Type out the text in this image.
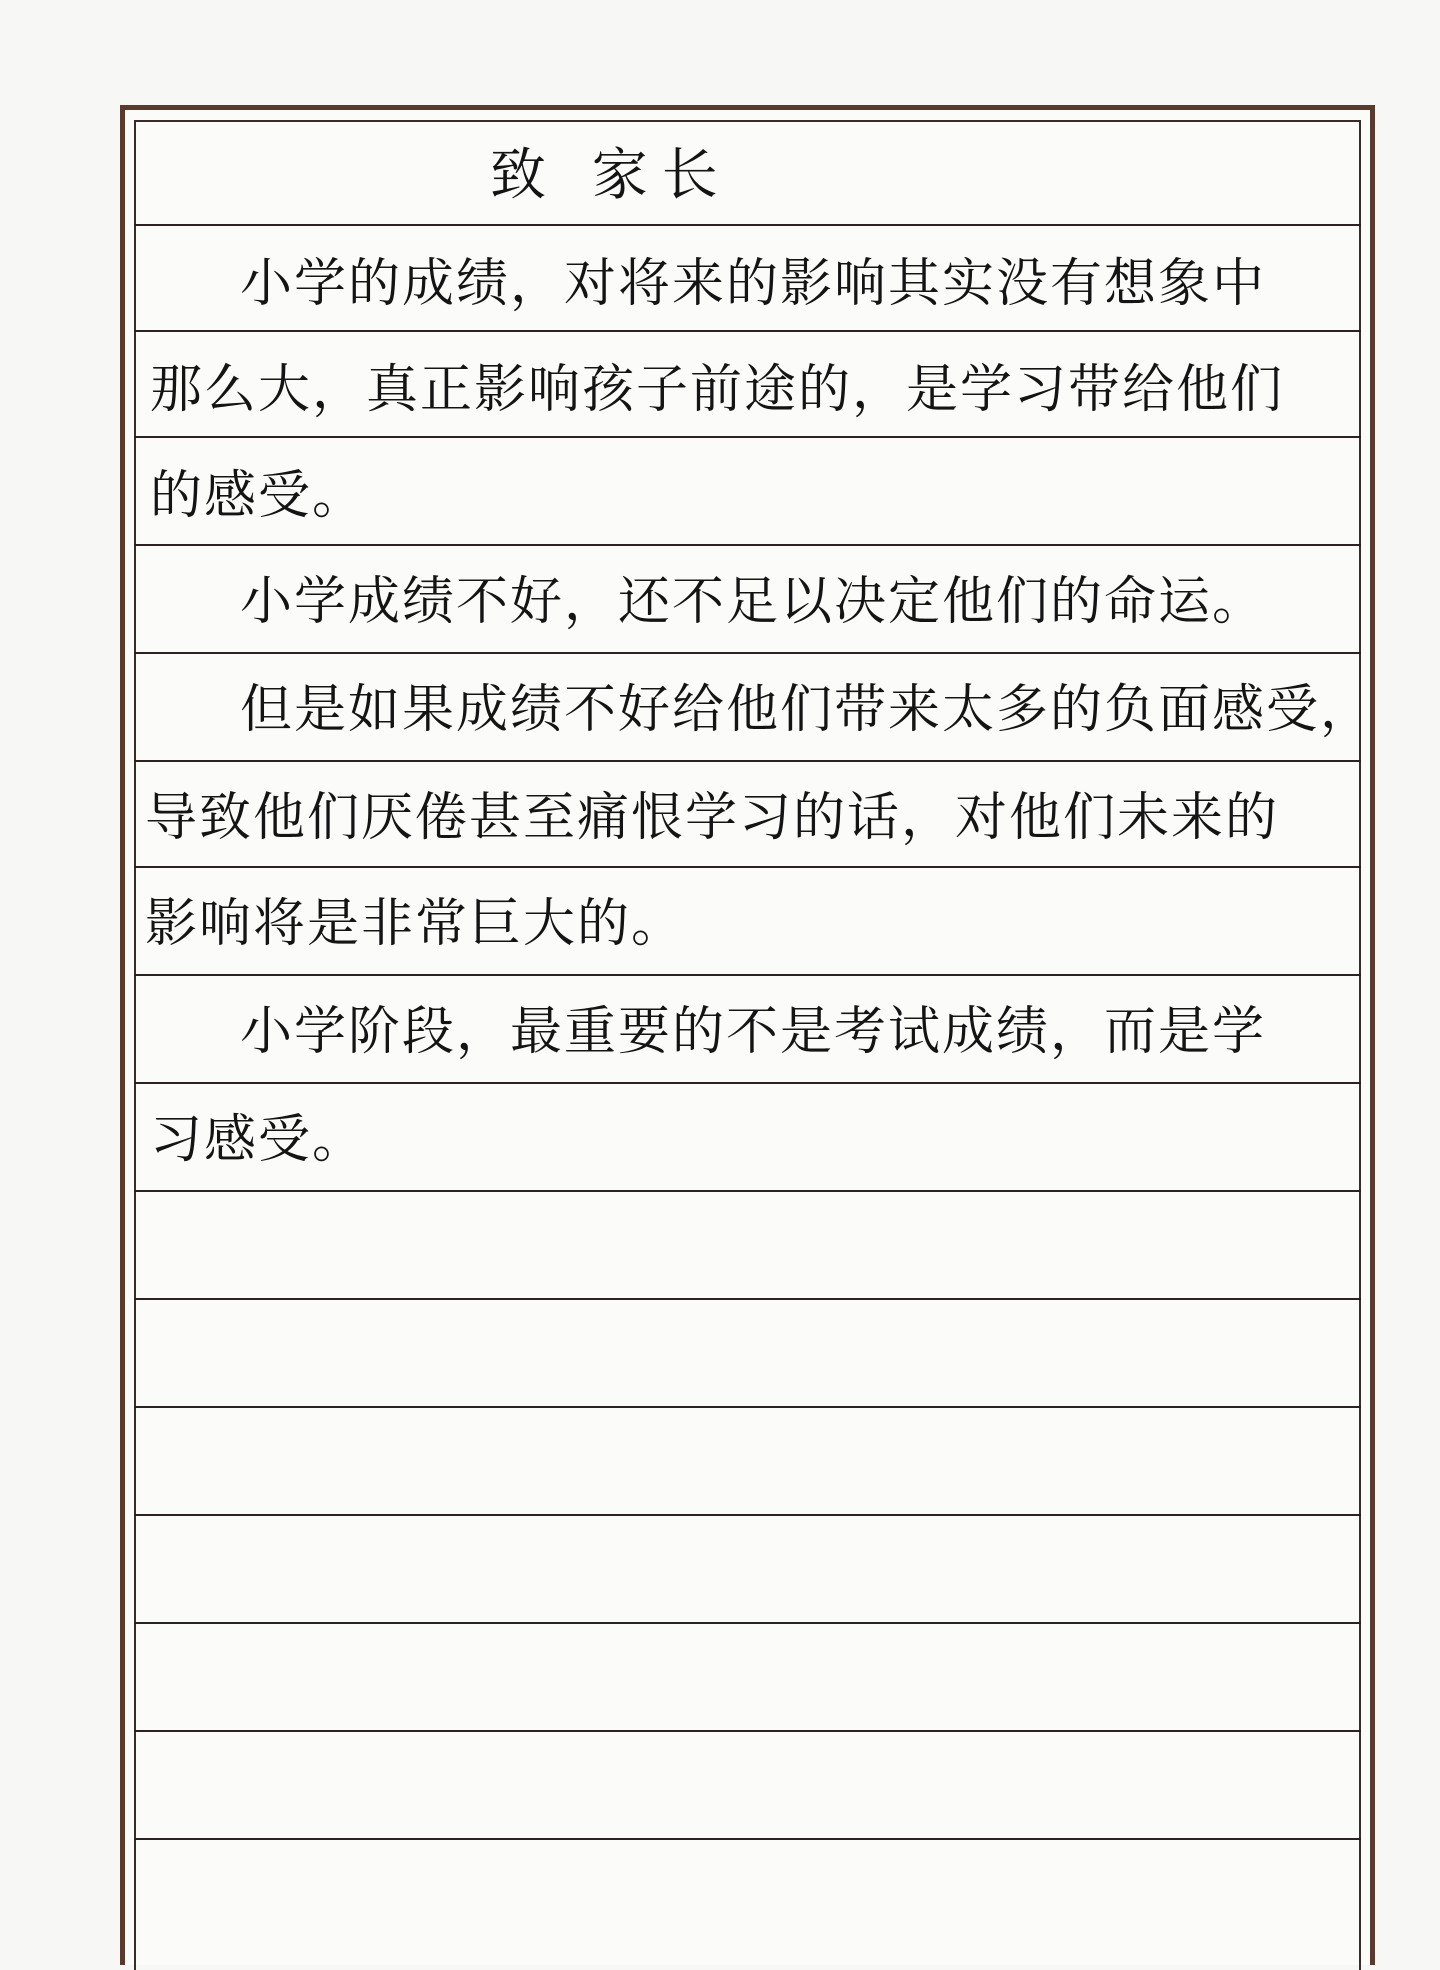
致 家长
小学的成绩，对将来的影响其实没有想象中
那么大，真正影响孩子前途的，是学习带给他们
的感受。
小学成绩不好，还不足以决定他们的命运。
但是如果成绩不好给他们带来太多的负面感受，
导致他们厌倦甚至痛恨学习的话，对他们未来的
影响将是非常巨大的。
小学阶段，最重要的不是考试成绩，而是学
习感受。
